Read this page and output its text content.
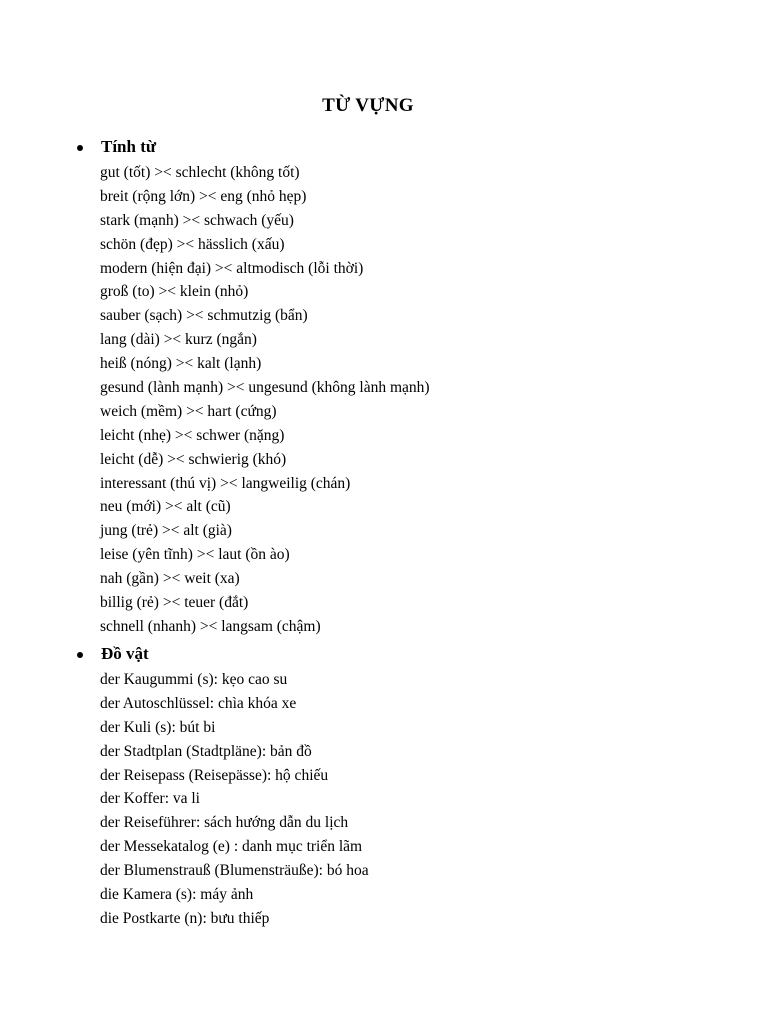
TỪ VỰNG
Tính từ
gut (tốt) >< schlecht (không tốt)
breit (rộng lớn) >< eng (nhỏ hẹp)
stark (mạnh) >< schwach (yếu)
schön (đẹp) >< hässlich (xấu)
modern (hiện đại) >< altmodisch (lỗi thời)
groß (to) >< klein (nhỏ)
sauber (sạch) >< schmutzig (bẩn)
lang (dài) >< kurz (ngắn)
heiß (nóng) >< kalt (lạnh)
gesund (lành mạnh) >< ungesund (không lành mạnh)
weich (mềm) >< hart (cứng)
leicht (nhẹ) >< schwer (nặng)
leicht (dễ) >< schwierig (khó)
interessant (thú vị) >< langweilig (chán)
neu (mới) >< alt (cũ)
jung (trẻ) >< alt (già)
leise (yên tĩnh) >< laut (ồn ào)
nah (gần) >< weit (xa)
billig (rẻ) >< teuer (đắt)
schnell (nhanh) >< langsam (chậm)
Đồ vật
der Kaugummi (s): kẹo cao su
der Autoschlüssel: chìa khóa xe
der Kuli (s): bút bi
der Stadtplan (Stadtpläne): bản đồ
der Reisepass (Reisepässe): hộ chiếu
der Koffer: va li
der Reiseführer: sách hướng dẫn du lịch
der Messekatalog (e) : danh mục triển lãm
der Blumenstrauß (Blumensträuße): bó hoa
die Kamera (s): máy ảnh
die Postkarte (n): bưu thiếp
